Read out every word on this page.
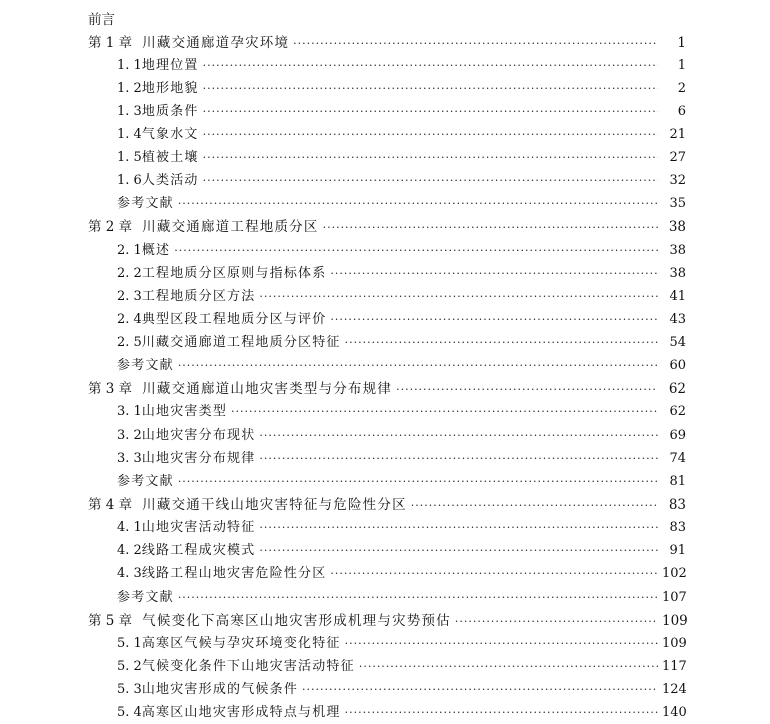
前言
第 1 章 川藏交通廊道孕灾环境 ·····	1
1. 1 地理位置 ·····	1
1. 2 地形地貌 ·····	2
1. 3 地质条件 ·····	6
1. 4 气象水文 ·····	21
1. 5 植被土壤 ·····	27
1. 6 人类活动 ·····	32
参考文献 ·····	35
第 2 章 川藏交通廊道工程地质分区 ·····	38
2. 1 概述 ·····	38
2. 2 工程地质分区原则与指标体系 ·····	38
2. 3 工程地质分区方法 ·····	41
2. 4 典型区段工程地质分区与评价 ·····	43
2. 5 川藏交通廊道工程地质分区特征 ·····	54
参考文献 ·····	60
第 3 章 川藏交通廊道山地灾害类型与分布规律 ·····	62
3. 1 山地灾害类型 ·····	62
3. 2 山地灾害分布现状 ·····	69
3. 3 山地灾害分布规律 ·····	74
参考文献 ·····	81
第 4 章 川藏交通干线山地灾害特征与危险性分区 ·····	83
4. 1 山地灾害活动特征 ·····	83
4. 2 线路工程成灾模式 ·····	91
4. 3 线路工程山地灾害危险性分区 ·····	102
参考文献 ·····	107
第 5 章 气候变化下高寒区山地灾害形成机理与灾势预估 ·····	109
5. 1 高寒区气候与孕灾环境变化特征 ·····	109
5. 2 气候变化条件下山地灾害活动特征 ·····	117
5. 3 山地灾害形成的气候条件 ·····	124
5. 4 高寒区山地灾害形成特点与机理 ·····	140
